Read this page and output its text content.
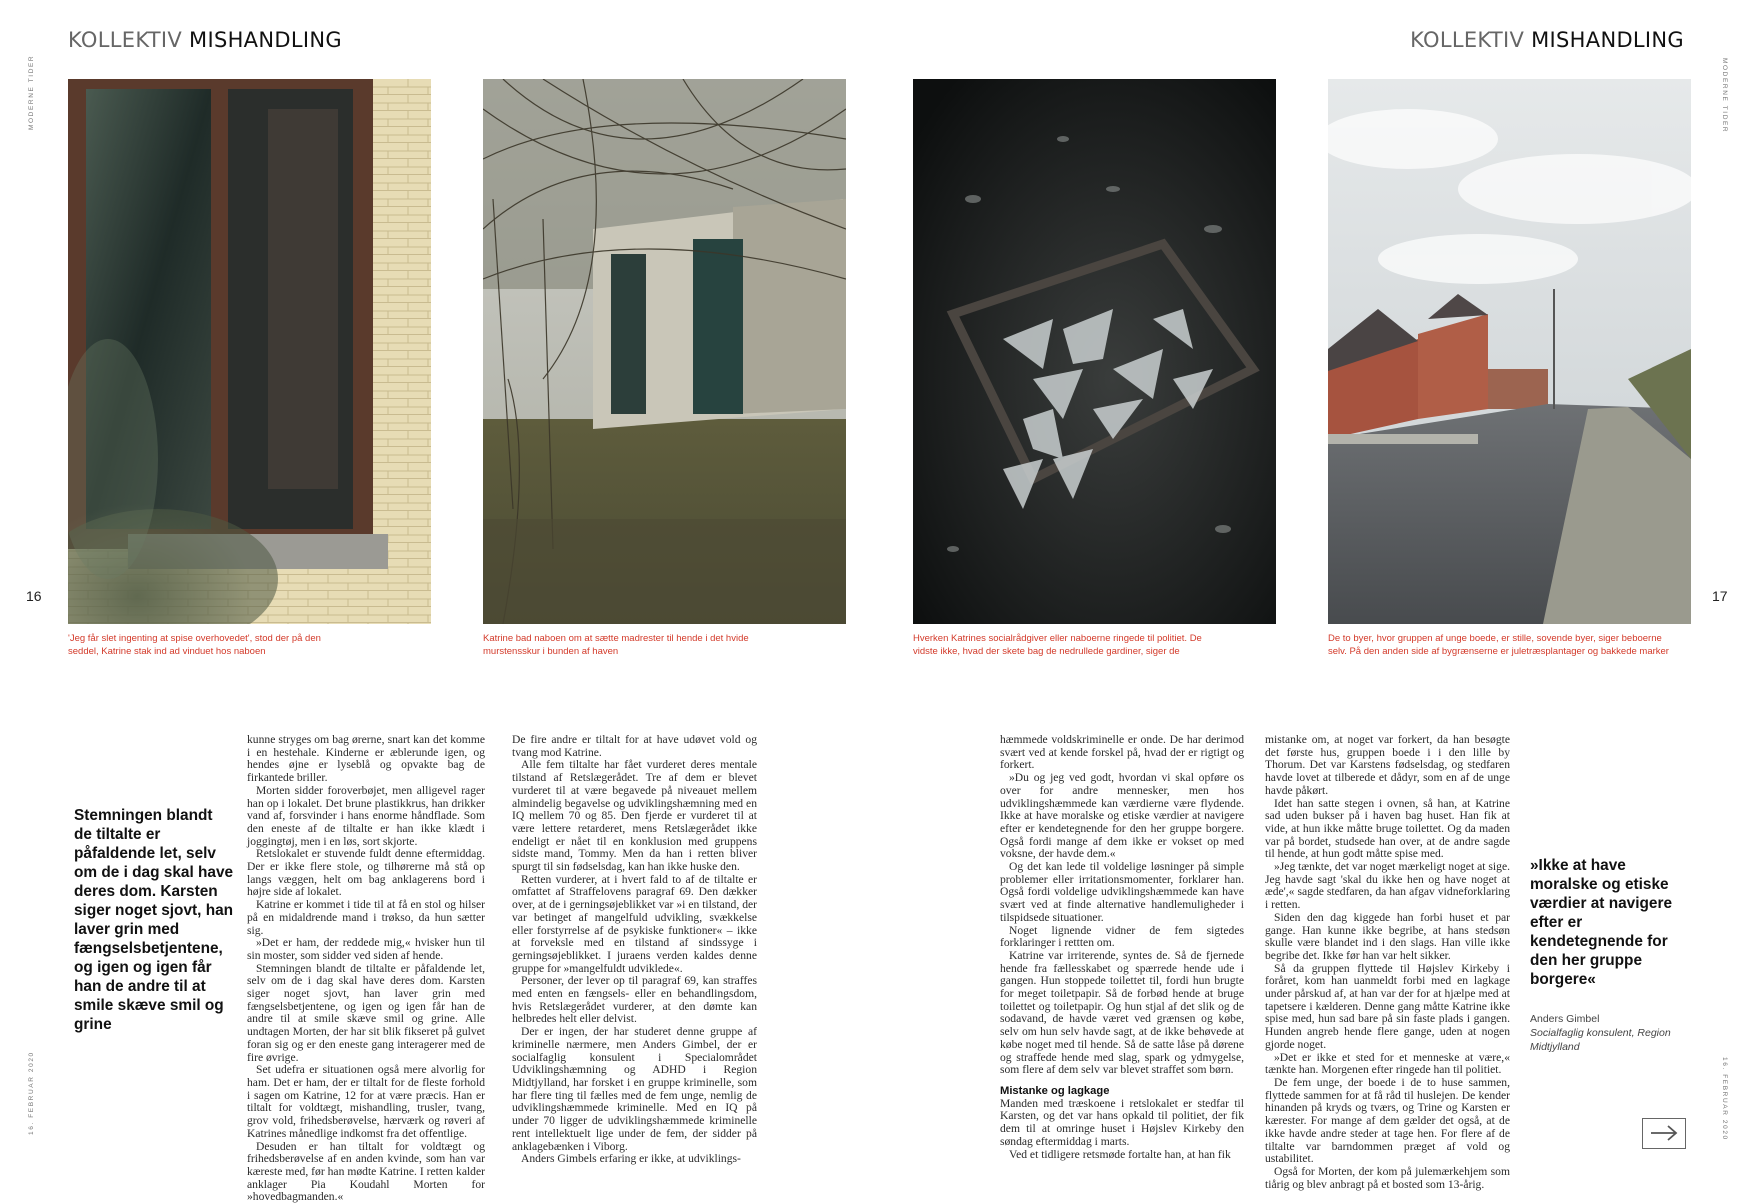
KOLLEKTIV MISHANDLING	KOLLEKTIV MISHANDLING
MODERNE TIDER	MODERNE TIDER
16. FEBRUAR 2020	16. FEBRUAR 2020
16	17
'Jeg får slet ingenting at spise overhovedet', stod der på den seddel, Katrine stak ind ad vinduet hos naboen
Katrine bad naboen om at sætte madrester til hende i det hvide murstensskur i bunden af haven
Hverken Katrines socialrådgiver eller naboerne ringede til politiet. De vidste ikke, hvad der skete bag de nedrullede gardiner, siger de
De to byer, hvor gruppen af unge boede, er stille, sovende byer, siger beboerne selv. På den anden side af bygrænserne er juletræsplantager og bakkede marker
Stemningen blandt de tiltalte er påfaldende let, selv om de i dag skal have deres dom. Karsten siger noget sjovt, han laver grin med fængselsbetjentene, og igen og igen får han de andre til at smile skæve smil og grine

kunne stryges om bag ørerne, snart kan det komme i en hestehale. Kinderne er æblerunde igen, og hendes øjne er lyseblå og opvakte bag de firkantede briller.

Morten sidder foroverbøjet, men alligevel rager han op i lokalet. Det brune plastikkrus, han drikker vand af, forsvinder i hans enorme håndflade. Som den eneste af de tiltalte er han ikke klædt i joggingtøj, men i en løs, sort skjorte.

Retslokalet er stuvende fuldt denne eftermiddag. Der er ikke flere stole, og tilhørerne må stå op langs væggen, helt om bag anklagerens bord i højre side af lokalet.

Katrine er kommet i tide til at få en stol og hilser på en midaldrende mand i trøkso, da hun sætter sig.

»Det er ham, der reddede mig,« hvisker hun til sin moster, som sidder ved siden af hende.

Stemningen blandt de tiltalte er påfaldende let, selv om de i dag skal have deres dom. Karsten siger noget sjovt, han laver grin med fængselsbetjentene, og igen og igen får han de andre til at smile skæve smil og grine. Alle undtagen Morten, der har sit blik fikseret på gulvet foran sig og er den eneste gang interagerer med de fire øvrige.

Set udefra er situationen også mere alvorlig for ham. Det er ham, der er tiltalt for de fleste forhold i sagen om Katrine, 12 for at være præcis. Han er tiltalt for voldtægt, mishandling, trusler, tvang, grov vold, frihedsberøvelse, hærværk og røveri af Katrines månedlige indkomst fra det offentlige.

Desuden er han tiltalt for voldtægt og frihedsberøvelse af en anden kvinde, som han var kæreste med, før han mødte Katrine. I retten kalder anklager Pia Koudahl Morten for »hovedbagmanden.«

De fire andre er tiltalt for at have udøvet vold og tvang mod Katrine.

Alle fem tiltalte har fået vurderet deres mentale tilstand af Retslægerådet. Tre af dem er blevet vurderet til at være begavede på niveauet mellem almindelig begavelse og udviklingshæmning med en IQ mellem 70 og 85. Den fjerde er vurderet til at være lettere retarderet, mens Retslægerådet ikke endeligt er nået til en konklusion med gruppens sidste mand, Tommy. Men da han i retten bliver spurgt til sin fødselsdag, kan han ikke huske den.

Retten vurderer, at i hvert fald to af de tiltalte er omfattet af Straffelovens paragraf 69. Den dækker over, at de i gerningsøjeblikket var »i en tilstand, der var betinget af mangelfuld udvikling, svækkelse eller forstyrrelse af de psykiske funktioner« – ikke at forveksle med en tilstand af sindssyge i gerningsøjeblikket. I juraens verden kaldes denne gruppe for »mangelfuldt udviklede«.

Personer, der lever op til paragraf 69, kan straffes med enten en fængsels- eller en behandlingsdom, hvis Retslægerådet vurderer, at den dømte kan helbredes helt eller delvist.

Der er ingen, der har studeret denne gruppe af kriminelle nærmere, men Anders Gimbel, der er socialfaglig konsulent i Specialområdet Udviklingshæmning og ADHD i Region Midtjylland, har forsket i en gruppe kriminelle, som har flere ting til fælles med de fem unge, nemlig de udviklingshæmmede kriminelle. Med en IQ på under 70 ligger de udviklingshæmmede kriminelle rent intellektuelt lige under de fem, der sidder på anklagebænken i Viborg.

Anders Gimbels erfaring er ikke, at udviklings-

hæmmede voldskriminelle er onde. De har derimod svært ved at kende forskel på, hvad der er rigtigt og forkert.

»Du og jeg ved godt, hvordan vi skal opføre os over for andre mennesker, men hos udviklingshæmmede kan værdierne være flydende. Ikke at have moralske og etiske værdier at navigere efter er kendetegnende for den her gruppe borgere. Også fordi mange af dem ikke er vokset op med voksne, der havde dem.«

Og det kan lede til voldelige løsninger på simple problemer eller irritationsmomenter, forklarer han. Også fordi voldelige udviklingshæmmede kan have svært ved at finde alternative handlemuligheder i tilspidsede situationer.

Noget lignende vidner de fem sigtedes forklaringer i rettten om.

Katrine var irriterende, syntes de. Så de fjernede hende fra fællesskabet og spærrede hende ude i gangen. Hun stoppede toilettet til, fordi hun brugte for meget toiletpapir. Så de forbød hende at bruge toilettet og toiletpapir. Og hun stjal af det slik og de sodavand, de havde været ved grænsen og købe, selv om hun selv havde sagt, at de ikke behøvede at købe noget med til hende. Så de satte låse på dørene og straffede hende med slag, spark og ydmygelse, som flere af dem selv var blevet straffet som børn.

Mistanke og lagkage

Manden med træskoene i retslokalet er stedfar til Karsten, og det var hans opkald til politiet, der fik dem til at omringe huset i Højslev Kirkeby den søndag eftermiddag i marts.

Ved et tidligere retsmøde fortalte han, at han fik

mistanke om, at noget var forkert, da han besøgte det første hus, gruppen boede i i den lille by Thorum. Det var Karstens fødselsdag, og stedfaren havde lovet at tilberede et dådyr, som en af de unge havde påkørt.

Idet han satte stegen i ovnen, så han, at Katrine sad uden bukser på i haven bag huset. Han fik at vide, at hun ikke måtte bruge toilettet. Og da maden var på bordet, studsede han over, at de andre sagde til hende, at hun godt måtte spise med.

»Jeg tænkte, det var noget mærkeligt noget at sige. Jeg havde sagt 'skal du ikke hen og have noget at æde',« sagde stedfaren, da han afgav vidneforklaring i retten.

Siden den dag kiggede han forbi huset et par gange. Han kunne ikke begribe, at hans stedsøn skulle være blandet ind i den slags. Han ville ikke begribe det. Ikke før han var helt sikker.

Så da gruppen flyttede til Højslev Kirkeby i foråret, kom han uanmeldt forbi med en lagkage under pårskud af, at han var der for at hjælpe med at tapetsere i kælderen. Denne gang måtte Katrine ikke spise med, hun sad bare på sin faste plads i gangen. Hunden angreb hende flere gange, uden at nogen gjorde noget.

»Det er ikke et sted for et menneske at være,« tænkte han. Morgenen efter ringede han til politiet.

De fem unge, der boede i de to huse sammen, flyttede sammen for at få råd til huslejen. De kender hinanden på kryds og tværs, og Trine og Karsten er kærester. For mange af dem gælder det også, at de ikke havde andre steder at tage hen. For flere af de tiltalte var barndommen præget af vold og ustabilitet.

Også for Morten, der kom på julemærkehjem som tiårig og blev anbragt på et bosted som 13-årig.

»Ikke at have moralske og etiske værdier at navigere efter er kendetegnende for den her gruppe borgere«
Anders Gimbel
Socialfaglig konsulent, Region Midtjylland
